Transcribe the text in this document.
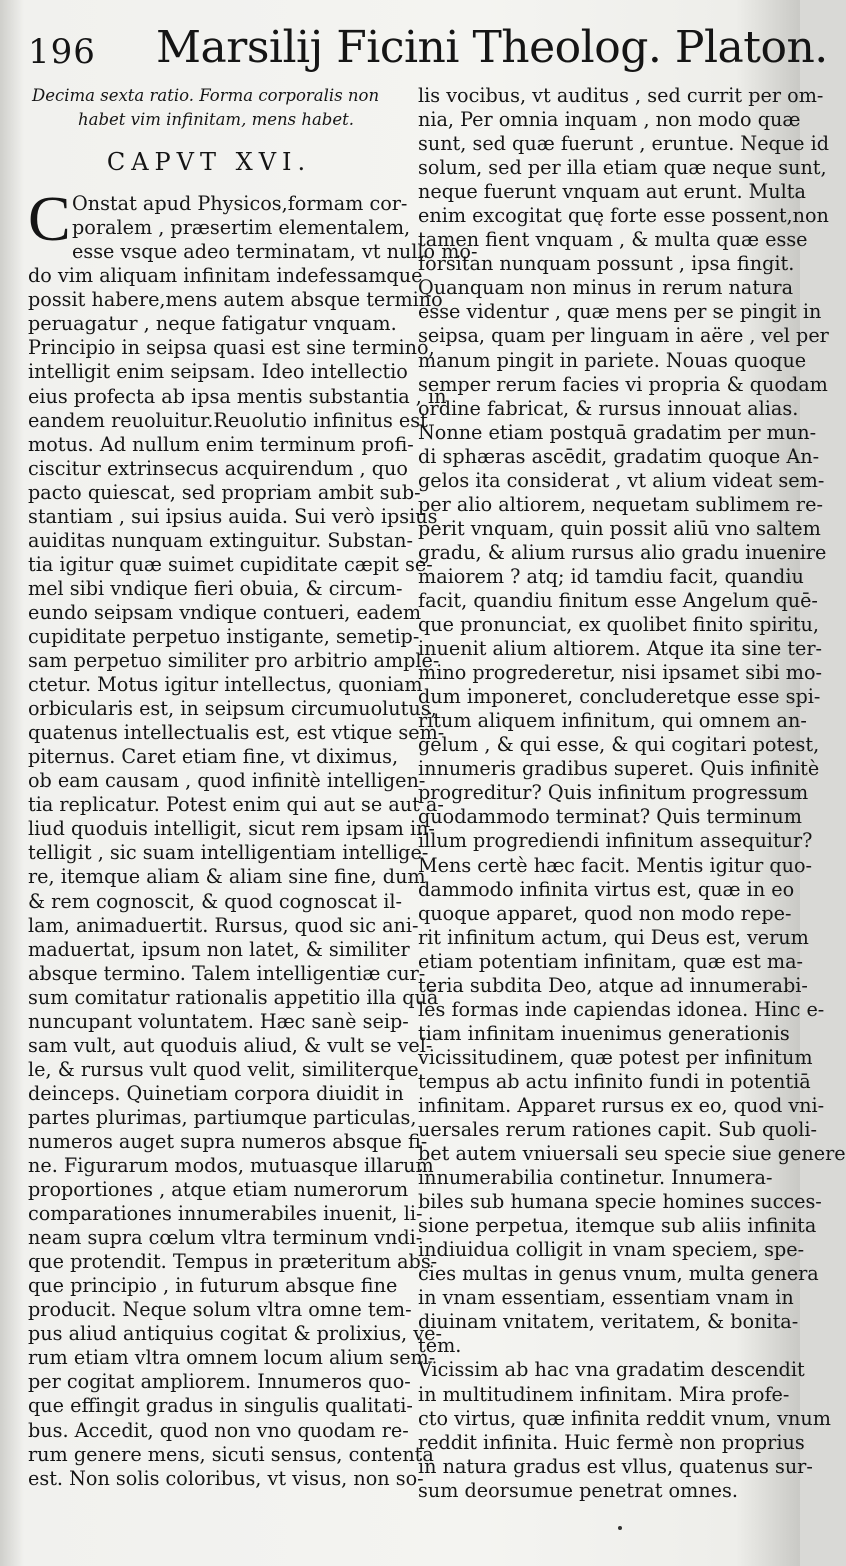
196 Marsilij Ficini Theolog. Platon.
Decima sexta ratio. Forma corporalis non
habet vim infinitam, mens habet.
CAPVT XVI.
C Onstat apud Physicos,formam cor-
poralem , præsertim elementalem,
esse vsque adeo terminatam, vt nullo mo-
do vim aliquam infinitam indefessamque
possit habere,mens autem absque termino
peruagatur , neque fatigatur vnquam.
Principio in seipsa quasi est sine termino,
intelligit enim seipsam. Ideo intellectio
eius profecta ab ipsa mentis substantia , in
eandem reuoluitur.Reuolutio infinitus est
motus. Ad nullum enim terminum profi-
ciscitur extrinsecus acquirendum , quo
pacto quiescat, sed propriam ambit sub-
stantiam , sui ipsius auida. Sui verò ipsius
auiditas nunquam extinguitur. Substan-
tia igitur quæ suimet cupiditate cæpit se-
mel sibi vndique fieri obuia, & circum-
eundo seipsam vndique contueri, eadem
cupiditate perpetuo instigante, semetip-
sam perpetuo similiter pro arbitrio ample-
ctetur. Motus igitur intellectus, quoniam
orbicularis est, in seipsum circumuolutus,
quatenus intellectualis est, est vtique sem-
piternus. Caret etiam fine, vt diximus,
ob eam causam , quod infinitè intelligen-
tia replicatur. Potest enim qui aut se aut a-
liud quoduis intelligit, sicut rem ipsam in-
telligit , sic suam intelligentiam intellige-
re, itemque aliam & aliam sine fine, dum
& rem cognoscit, & quod cognoscat il-
lam, animaduertit. Rursus, quod sic ani-
maduertat, ipsum non latet, & similiter
absque termino. Talem intelligentiæ cur-
sum comitatur rationalis appetitio illa quā
nuncupant voluntatem. Hæc sanè seip-
sam vult, aut quoduis aliud, & vult se vel-
le, & rursus vult quod velit, similiterque
deinceps. Quinetiam corpora diuidit in
partes plurimas, partiumque particulas,
numeros auget supra numeros absque fi-
ne. Figurarum modos, mutuasque illarum
proportiones , atque etiam numerorum
comparationes innumerabiles inuenit, li-
neam supra cœlum vltra terminum vndi-
que protendit. Tempus in præteritum abs-
que principio , in futurum absque fine
producit. Neque solum vltra omne tem-
pus aliud antiquius cogitat & prolixius, ve-
rum etiam vltra omnem locum alium sem-
per cogitat ampliorem. Innumeros quo-
que effingit gradus in singulis qualitati-
bus. Accedit, quod non vno quodam re-
rum genere mens, sicuti sensus, contenta
est. Non solis coloribus, vt visus, non so-
lis vocibus, vt auditus , sed currit per om-
nia, Per omnia inquam , non modo quæ
sunt, sed quæ fuerunt , eruntue. Neque id
solum, sed per illa etiam quæ neque sunt,
neque fuerunt vnquam aut erunt. Multa
enim excogitat quę forte esse possent,non
tamen fient vnquam , & multa quæ esse
forsitan nunquam possunt , ipsa fingit.
Quanquam non minus in rerum natura
esse videntur , quæ mens per se pingit in
seipsa, quam per linguam in aëre , vel per
manum pingit in pariete. Nouas quoque
semper rerum facies vi propria & quodam
ordine fabricat, & rursus innouat alias.
Nonne etiam postquā gradatim per mun-
di sphæras ascēdit, gradatim quoque An-
gelos ita considerat , vt alium videat sem-
per alio altiorem, nequetam sublimem re-
perit vnquam, quin possit aliū vno saltem
gradu, & alium rursus alio gradu inuenire
maiorem ? atq; id tamdiu facit, quandiu
facit, quandiu finitum esse Angelum quē-
que pronunciat, ex quolibet finito spiritu,
inuenit alium altiorem. Atque ita sine ter-
mino progrederetur, nisi ipsamet sibi mo-
dum imponeret, concluderetque esse spi-
ritum aliquem infinitum, qui omnem an-
gelum , & qui esse, & qui cogitari potest,
innumeris gradibus superet. Quis infinitè
progreditur? Quis infinitum progressum
quodammodo terminat? Quis terminum
illum progrediendi infinitum assequitur?
Mens certè hæc facit. Mentis igitur quo-
dammodo infinita virtus est, quæ in eo
quoque apparet, quod non modo repe-
rit infinitum actum, qui Deus est, verum
etiam potentiam infinitam, quæ est ma-
teria subdita Deo, atque ad innumerabi-
les formas inde capiendas idonea. Hinc e-
tiam infinitam inuenimus generationis
vicissitudinem, quæ potest per infinitum
tempus ab actu infinito fundi in potentiā
infinitam. Apparet rursus ex eo, quod vni-
uersales rerum rationes capit. Sub quoli-
bet autem vniuersali seu specie siue genere
innumerabilia continetur. Innumera-
biles sub humana specie homines succes-
sione perpetua, itemque sub aliis infinita
indiuidua colligit in vnam speciem, spe-
cies multas in genus vnum, multa genera
in vnam essentiam, essentiam vnam in
diuinam vnitatem, veritatem, & bonita-
tem.
Vicissim ab hac vna gradatim descendit
in multitudinem infinitam. Mira profe-
cto virtus, quæ infinita reddit vnum, vnum
reddit infinita. Huic fermè non proprius
in natura gradus est vllus, quatenus sur-
sum deorsumue penetrat omnes.
